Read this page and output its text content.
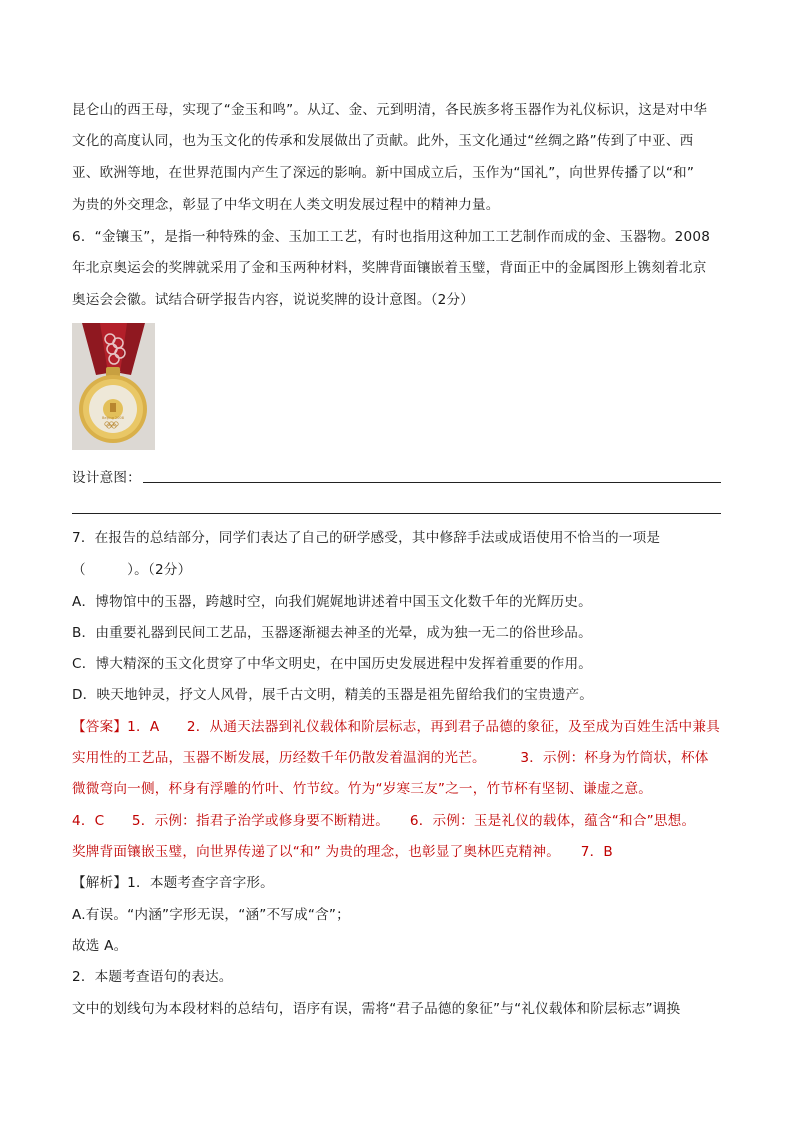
昆仑山的西王母，实现了“金玉和鸣”。从辽、金、元到明清，各民族多将玉器作为礼仪标识，这是对中华
文化的高度认同，也为玉文化的传承和发展做出了贡献。此外，玉文化通过“丝绸之路”传到了中亚、西
亚、欧洲等地，在世界范围内产生了深远的影响。新中国成立后，玉作为“国礼”，向世界传播了以“和”
为贵的外交理念，彰显了中华文明在人类文明发展过程中的精神力量。
6．“金镶玉”，是指一种特殊的金、玉加工工艺，有时也指用这种加工工艺制作而成的金、玉器物。2008
年北京奥运会的奖牌就采用了金和玉两种材料，奖牌背面镶嵌着玉璧，背面正中的金属图形上镌刻着北京
奥运会会徽。试结合研学报告内容，说说奖牌的设计意图。（2分）
Beijing 2008
设计意图：
7．在报告的总结部分，同学们表达了自己的研学感受，其中修辞手法或成语使用不恰当的一项是
（　　　）。（2分）
A．博物馆中的玉器，跨越时空，向我们娓娓地讲述着中国玉文化数千年的光辉历史。
B．由重要礼器到民间工艺品，玉器逐渐褪去神圣的光晕，成为独一无二的俗世珍品。
C．博大精深的玉文化贯穿了中华文明史，在中国历史发展进程中发挥着重要的作用。
D．映天地钟灵，抒文人风骨，展千古文明，精美的玉器是祖先留给我们的宝贵遗产。
【答案】1．A　　2．从通天法器到礼仪载体和阶层标志，再到君子品德的象征，及至成为百姓生活中兼具
实用性的工艺品，玉器不断发展，历经数千年仍散发着温润的光芒。　　　3．示例：杯身为竹筒状，杯体
微微弯向一侧，杯身有浮雕的竹叶、竹节纹。竹为“岁寒三友”之一，竹节杯有坚韧、谦虚之意。
4．C　　5．示例：指君子治学或修身要不断精进。　　6．示例：玉是礼仪的载体，蕴含“和合”思想。
奖牌背面镶嵌玉璧，向世界传递了以“和” 为贵的理念，也彰显了奥林匹克精神。　　7．B
【解析】1．本题考查字音字形。
A.有误。“内涵”字形无误，“涵”不写成“含”；
故选 A。
2．本题考查语句的表达。
文中的划线句为本段材料的总结句，语序有误，需将“君子品德的象征”与“礼仪载体和阶层标志”调换
